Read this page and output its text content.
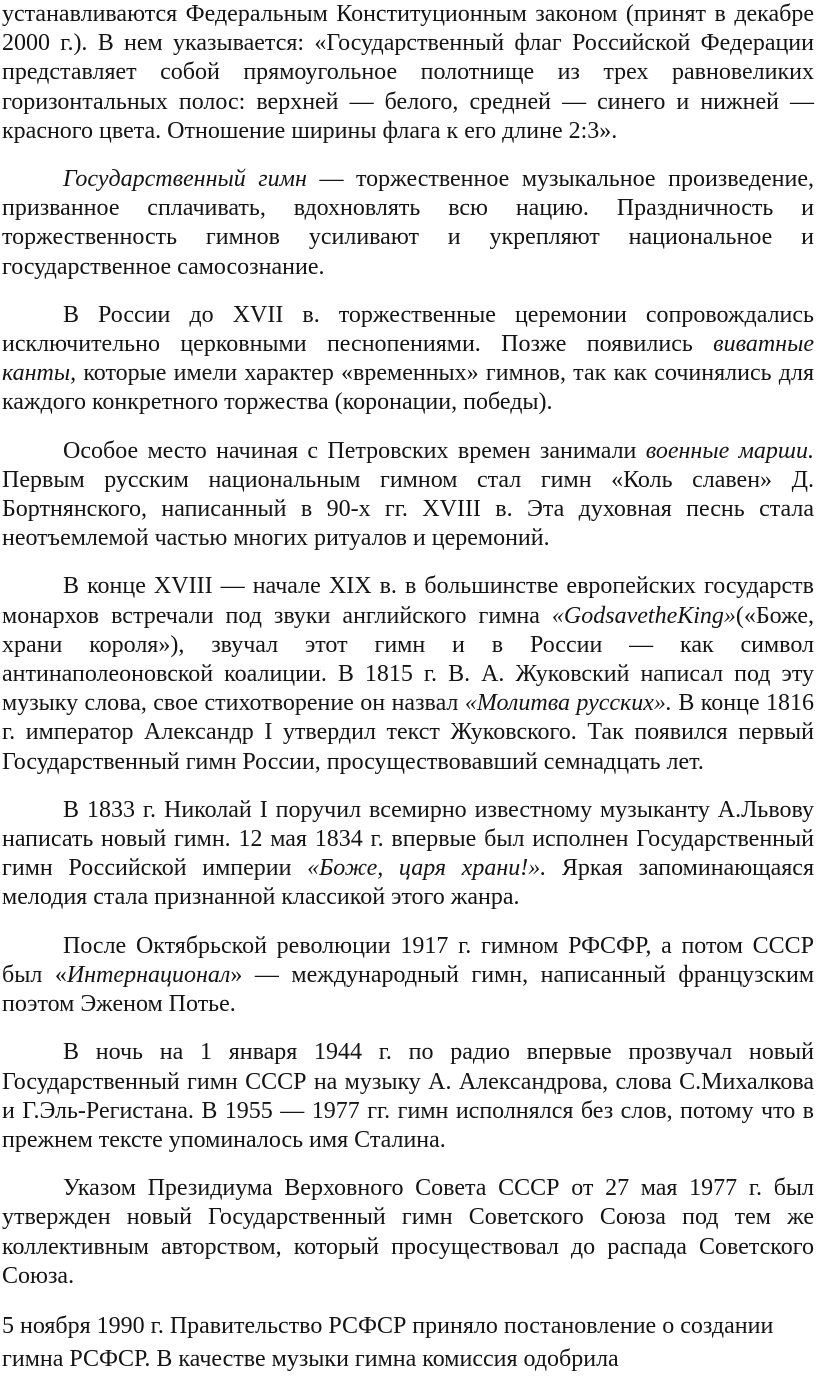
устанавливаются Федеральным Конституционным законом (принят в декабре 2000 г.). В нем указывается: «Государственный флаг Российской Федерации представляет собой прямоугольное полотнище из трех равновеликих горизонтальных полос: верхней — белого, средней — синего и нижней — красного цвета. Отношение ширины флага к его длине 2:3».

Государственный гимн — торжественное музыкальное произведение, призванное сплачивать, вдохновлять всю нацию. Праздничность и торжественность гимнов усиливают и укрепляют национальное и государственное самосознание.

В России до XVII в. торжественные церемонии сопровождались исключительно церковными песнопениями. Позже появились виватные канты, которые имели характер «временных» гимнов, так как сочинялись для каждого конкретного торжества (коронации, победы).

Особое место начиная с Петровских времен занимали военные марши. Первым русским национальным гимном стал гимн «Коль славен» Д. Бортнянского, написанный в 90-х гг. XVIII в. Эта духовная песнь стала неотъемлемой частью многих ритуалов и церемоний.

В конце XVIII — начале XIX в. в большинстве европейских государств монархов встречали под звуки английского гимна «GodsavetheKing»(«Боже, храни короля»), звучал этот гимн и в России — как символ антинаполеоновской коалиции. В 1815 г. В. А. Жуковский написал под эту музыку слова, свое стихотворение он назвал «Молитва русских». В конце 1816 г. император Александр I утвердил текст Жуковского. Так появился первый Государственный гимн России, просуществовавший семнадцать лет.

В 1833 г. Николай I поручил всемирно известному музыканту А.Львову написать новый гимн. 12 мая 1834 г. впервые был исполнен Государственный гимн Российской империи «Боже, царя храни!». Яркая запоминающаяся мелодия стала признанной классикой этого жанра.

После Октябрьской революции 1917 г. гимном РФСФР, а потом СССР был «Интернационал» — международный гимн, написанный французским поэтом Эженом Потье.

В ночь на 1 января 1944 г. по радио впервые прозвучал новый Государственный гимн СССР на музыку А. Александрова, слова С.Михалкова и Г.Эль-Регистана. В 1955 — 1977 гг. гимн исполнялся без слов, потому что в прежнем тексте упоминалось имя Сталина.

Указом Президиума Верховного Совета СССР от 27 мая 1977 г. был утвержден новый Государственный гимн Советского Союза под тем же коллективным авторством, который просуществовал до распада Советского Союза.

5 ноября 1990 г. Правительство РСФСР приняло постановление о создании гимна РСФСР. В качестве музыки гимна комиссия одобрила
